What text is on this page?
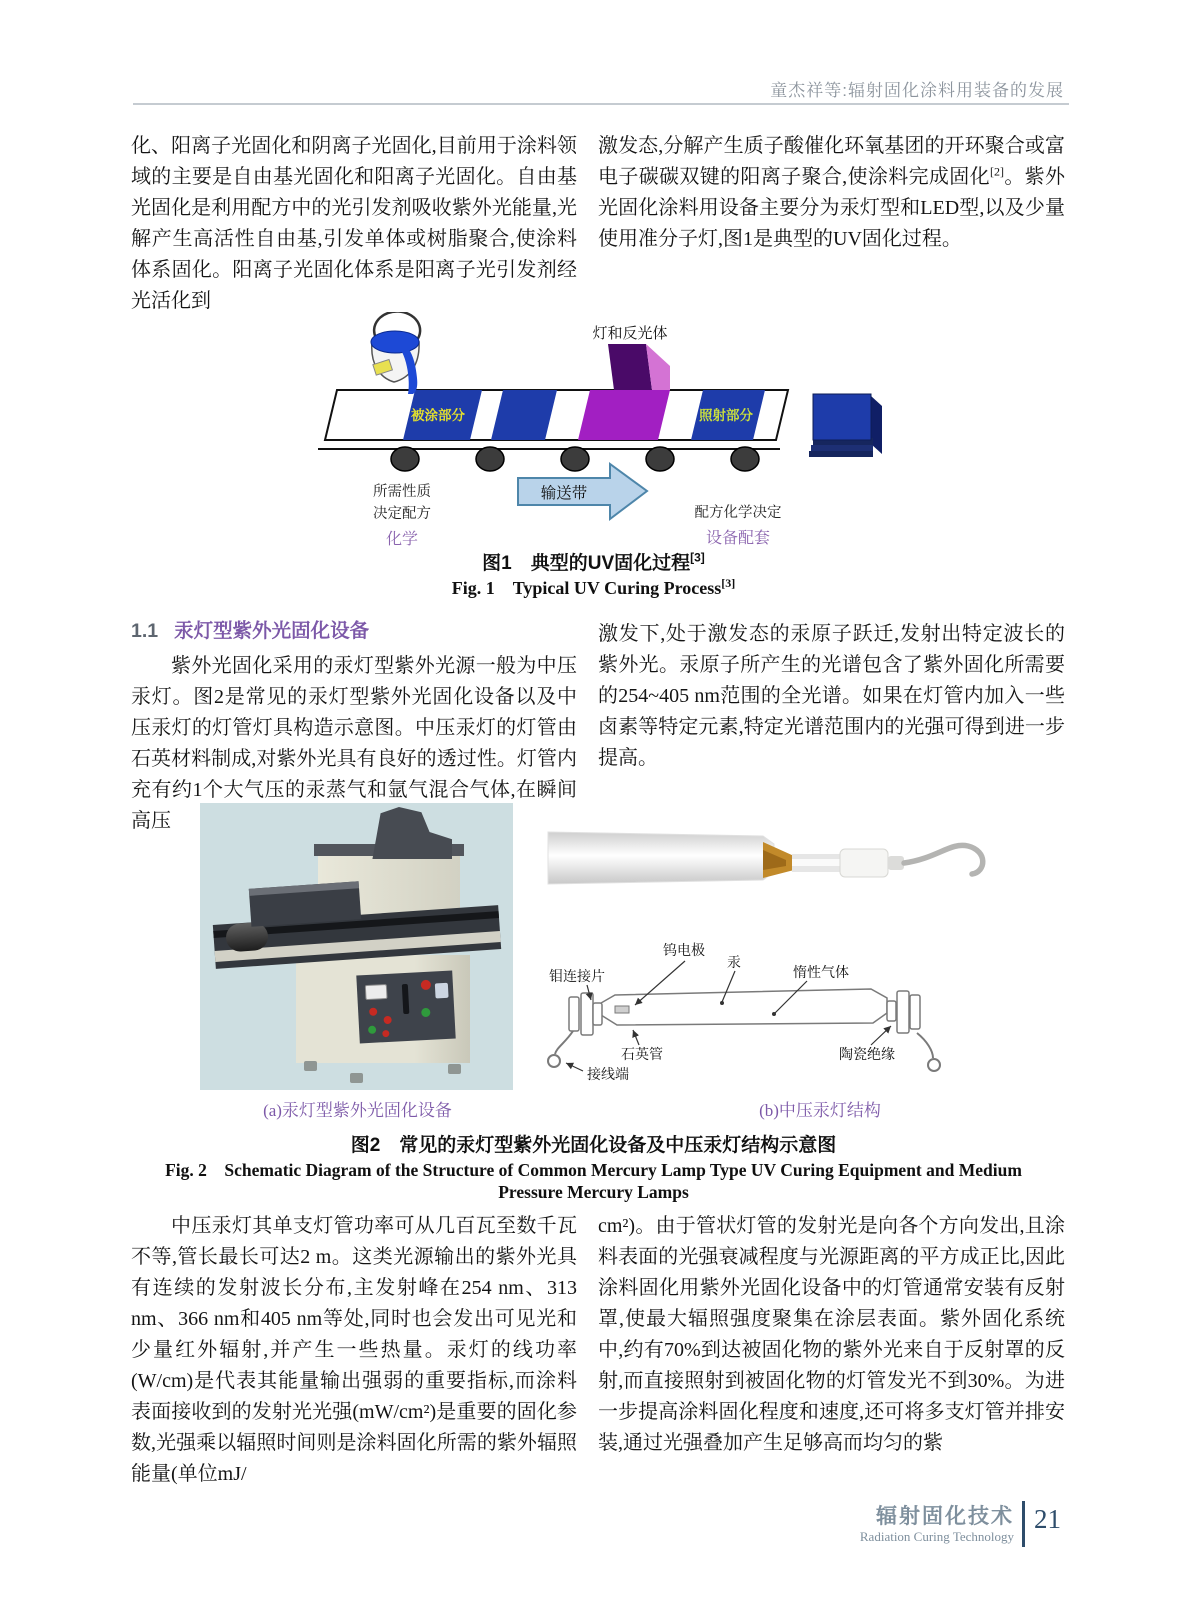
童杰祥等:辐射固化涂料用装备的发展

化、阳离子光固化和阴离子光固化,目前用于涂料领域的主要是自由基光固化和阳离子光固化。自由基光固化是利用配方中的光引发剂吸收紫外光能量,光解产生高活性自由基,引发单体或树脂聚合,使涂料体系固化。阳离子光固化体系是阳离子光引发剂经光活化到

激发态,分解产生质子酸催化环氧基团的开环聚合或富电子碳碳双键的阳离子聚合,使涂料完成固化[2]。紫外光固化涂料用设备主要分为汞灯型和LED型,以及少量使用准分子灯,图1是典型的UV固化过程。

灯和反光体
被涂部分	照射部分
输送带
所需性质
决定配方
化学
配方化学决定
设备配套
图1　典型的UV固化过程[3]
Fig. 1　Typical UV Curing Process[3]
1.1 汞灯型紫外光固化设备

紫外光固化采用的汞灯型紫外光源一般为中压汞灯。图2是常见的汞灯型紫外光固化设备以及中压汞灯的灯管灯具构造示意图。中压汞灯的灯管由石英材料制成,对紫外光具有良好的透过性。灯管内充有约1个大气压的汞蒸气和氩气混合气体,在瞬间高压

激发下,处于激发态的汞原子跃迁,发射出特定波长的紫外光。汞原子所产生的光谱包含了紫外固化所需要的254~405 nm范围的全光谱。如果在灯管内加入一些卤素等特定元素,特定光谱范围内的光强可得到进一步提高。

钨电极
汞
惰性气体
钼连接片
石英管	陶瓷绝缘
接线端
(a)汞灯型紫外光固化设备	(b)中压汞灯结构
图2　常见的汞灯型紫外光固化设备及中压汞灯结构示意图
Fig. 2　Schematic Diagram of the Structure of Common Mercury Lamp Type UV Curing Equipment and Medium
Pressure Mercury Lamps

中压汞灯其单支灯管功率可从几百瓦至数千瓦不等,管长最长可达2 m。这类光源输出的紫外光具有连续的发射波长分布,主发射峰在254 nm、313 nm、366 nm和405 nm等处,同时也会发出可见光和少量红外辐射,并产生一些热量。汞灯的线功率(W/cm)是代表其能量输出强弱的重要指标,而涂料表面接收到的发射光光强(mW/cm²)是重要的固化参数,光强乘以辐照时间则是涂料固化所需的紫外辐照能量(单位mJ/

cm²)。由于管状灯管的发射光是向各个方向发出,且涂料表面的光强衰减程度与光源距离的平方成正比,因此涂料固化用紫外光固化设备中的灯管通常安装有反射罩,使最大辐照强度聚集在涂层表面。紫外固化系统中,约有70%到达被固化物的紫外光来自于反射罩的反射,而直接照射到被固化物的灯管发光不到30%。为进一步提高涂料固化程度和速度,还可将多支灯管并排安装,通过光强叠加产生足够高而均匀的紫

辐射固化技术
Radiation Curing Technology
21
